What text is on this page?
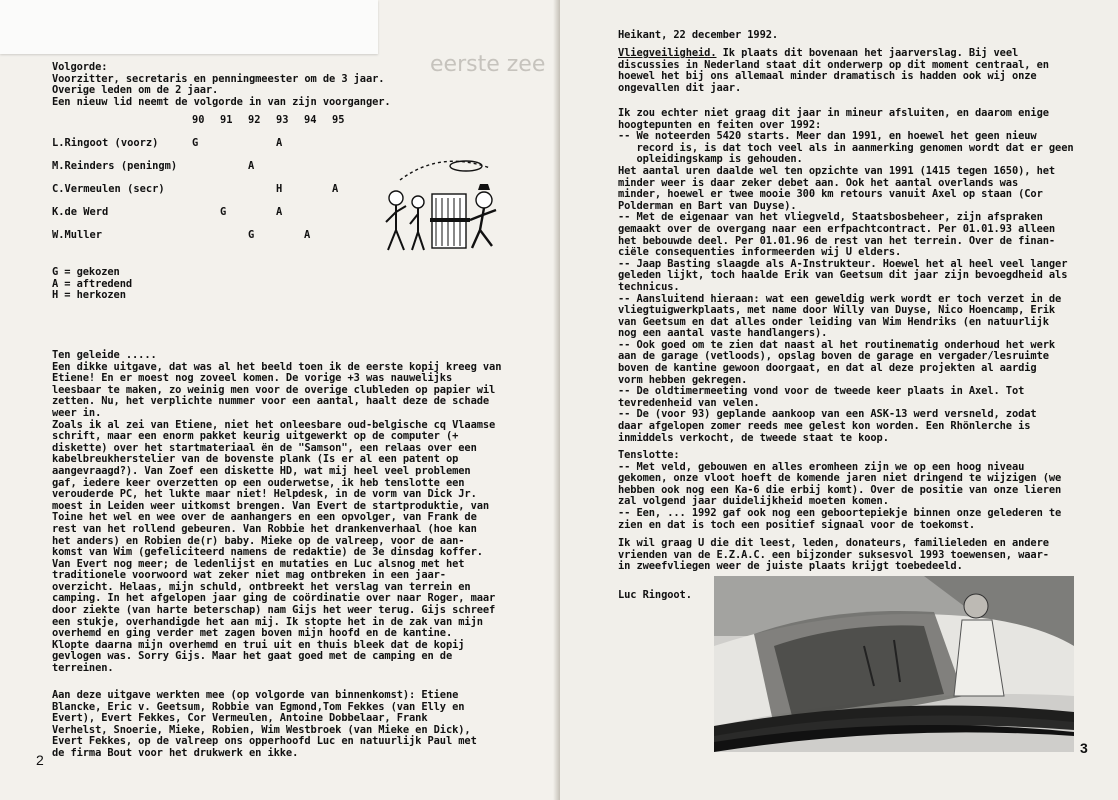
eerste zee
Volgorde:
Voorzitter, secretaris en penningmeester om de 3 jaar.
Overige leden om de 2 jaar.
Een nieuw lid neemt de volgorde in van zijn voorganger.
	90	91	92	93	94	95
L.Ringoot (voorz)	G			A		
M.Reinders (peningm)			A			
C.Vermeulen (secr)				H		A
K.de Werd		G		A		
W.Muller			G		A	
G = gekozen
A = aftredend
H = herkozen
Ten geleide .....
Een dikke uitgave, dat was al het beeld toen ik de eerste kopij kreeg van
Etiene! En er moest nog zoveel komen. De vorige +3 was nauwelijks
leesbaar te maken, zo weinig men voor de overige clubleden op papier wil
zetten. Nu, het verplichte nummer voor een aantal, haalt deze de schade
weer in.
Zoals ik al zei van Etiene, niet het onleesbare oud-belgische cq Vlaamse
schrift, maar een enorm pakket keurig uitgewerkt op de computer (+
diskette) over het startmateriaal ën de "Samson", een relaas over een
kabelbreukherstelier van de bovenste plank (Is er al een patent op
aangevraagd?). Van Zoef een diskette HD, wat mij heel veel problemen
gaf, iedere keer overzetten op een ouderwetse, ik heb tenslotte een
verouderde PC, het lukte maar niet! Helpdesk, in de vorm van Dick Jr.
moest in Leiden weer uitkomst brengen. Van Evert de startproduktie, van
Toine het wel en wee over de aanhangers en een opvolger, van Frank de
rest van het rollend gebeuren. Van Robbie het drankenverhaal (hoe kan
het anders) en Robien de(r) baby. Mieke op de valreep, voor de aan-
komst van Wim (gefeliciteerd namens de redaktie) de 3e dinsdag koffer.
Van Evert nog meer; de ledenlijst en mutaties en Luc alsnog met het
traditionele voorwoord wat zeker niet mag ontbreken in een jaar-
overzicht. Helaas, mijn schuld, ontbreekt het verslag van terrein en
camping. In het afgelopen jaar ging de coördinatie over naar Roger, maar
door ziekte (van harte beterschap) nam Gijs het weer terug. Gijs schreef
een stukje, overhandigde het aan mij. Ik stopte het in de zak van mijn
overhemd en ging verder met zagen boven mijn hoofd en de kantine.
Klopte daarna mijn overhemd en trui uit en thuis bleek dat de kopij
gevlogen was. Sorry Gijs. Maar het gaat goed met de camping en de
terreinen.
Aan deze uitgave werkten mee (op volgorde van binnenkomst): Etiene
Blancke, Eric v. Geetsum, Robbie van Egmond,Tom Fekkes (van Elly en
Evert), Evert Fekkes, Cor Vermeulen, Antoine Dobbelaar, Frank
Verhelst, Snoerie, Mieke, Robien, Wim Westbroek (van Mieke en Dick),
Evert Fekkes, op de valreep ons opperhoofd Luc en natuurlijk Paul met
de firma Bout voor het drukwerk en ikke.
2
Heikant, 22 december 1992.
Vliegveiligheid. Ik plaats dit bovenaan het jaarverslag. Bij veel
discussies in Nederland staat dit onderwerp op dit moment centraal, en
hoewel het bij ons allemaal minder dramatisch is hadden ook wij onze
ongevallen dit jaar.
Ik zou echter niet graag dit jaar in mineur afsluiten, en daarom enige
hoogtepunten en feiten over 1992:
-- We noteerden 5420 starts. Meer dan 1991, en hoewel het geen nieuw
record is, is dat toch veel als in aanmerking genomen wordt dat er geen
opleidingskamp is gehouden.
Het aantal uren daalde wel ten opzichte van 1991 (1415 tegen 1650), het
minder weer is daar zeker debet aan. Ook het aantal overlands was
minder, hoewel er twee mooie 300 km retours vanuit Axel op staan (Cor
Polderman en Bart van Duyse).
-- Met de eigenaar van het vliegveld, Staatsbosbeheer, zijn afspraken
gemaakt over de overgang naar een erfpachtcontract. Per 01.01.93 alleen
het bebouwde deel. Per 01.01.96 de rest van het terrein. Over de finan-
ciële consequenties informeerden wij U elders.
-- Jaap Basting slaagde als A-Instrukteur. Hoewel het al heel veel langer
geleden lijkt, toch haalde Erik van Geetsum dit jaar zijn bevoegdheid als
technicus.
-- Aansluitend hieraan: wat een geweldig werk wordt er toch verzet in de
vliegtuigwerkplaats, met name door Willy van Duyse, Nico Hoencamp, Erik
van Geetsum en dat alles onder leiding van Wim Hendriks (en natuurlijk
nog een aantal vaste handlangers).
-- Ook goed om te zien dat naast al het routinematig onderhoud het werk
aan de garage (vetloods), opslag boven de garage en vergader/lesruimte
boven de kantine gewoon doorgaat, en dat al deze projekten al aardig
vorm hebben gekregen.
-- De oldtimermeeting vond voor de tweede keer plaats in Axel. Tot
tevredenheid van velen.
-- De (voor 93) geplande aankoop van een ASK-13 werd versneld, zodat
daar afgelopen zomer reeds mee gelest kon worden. Een Rhönlerche is
inmiddels verkocht, de tweede staat te koop.
Tenslotte:
-- Met veld, gebouwen en alles eromheen zijn we op een hoog niveau
gekomen, onze vloot hoeft de komende jaren niet dringend te wijzigen (we
hebben ook nog een Ka-6 die erbij komt). Over de positie van onze lieren
zal volgend jaar duidelijkheid moeten komen.
-- Een, ... 1992 gaf ook nog een geboortepiekje binnen onze gelederen te
zien en dat is toch een positief signaal voor de toekomst.
Ik wil graag U die dit leest, leden, donateurs, familieleden en andere
vrienden van de E.Z.A.C. een bijzonder suksesvol 1993 toewensen, waar-
in zweefvliegen weer de juiste plaats krijgt toebedeeld.
Luc Ringoot.
3
